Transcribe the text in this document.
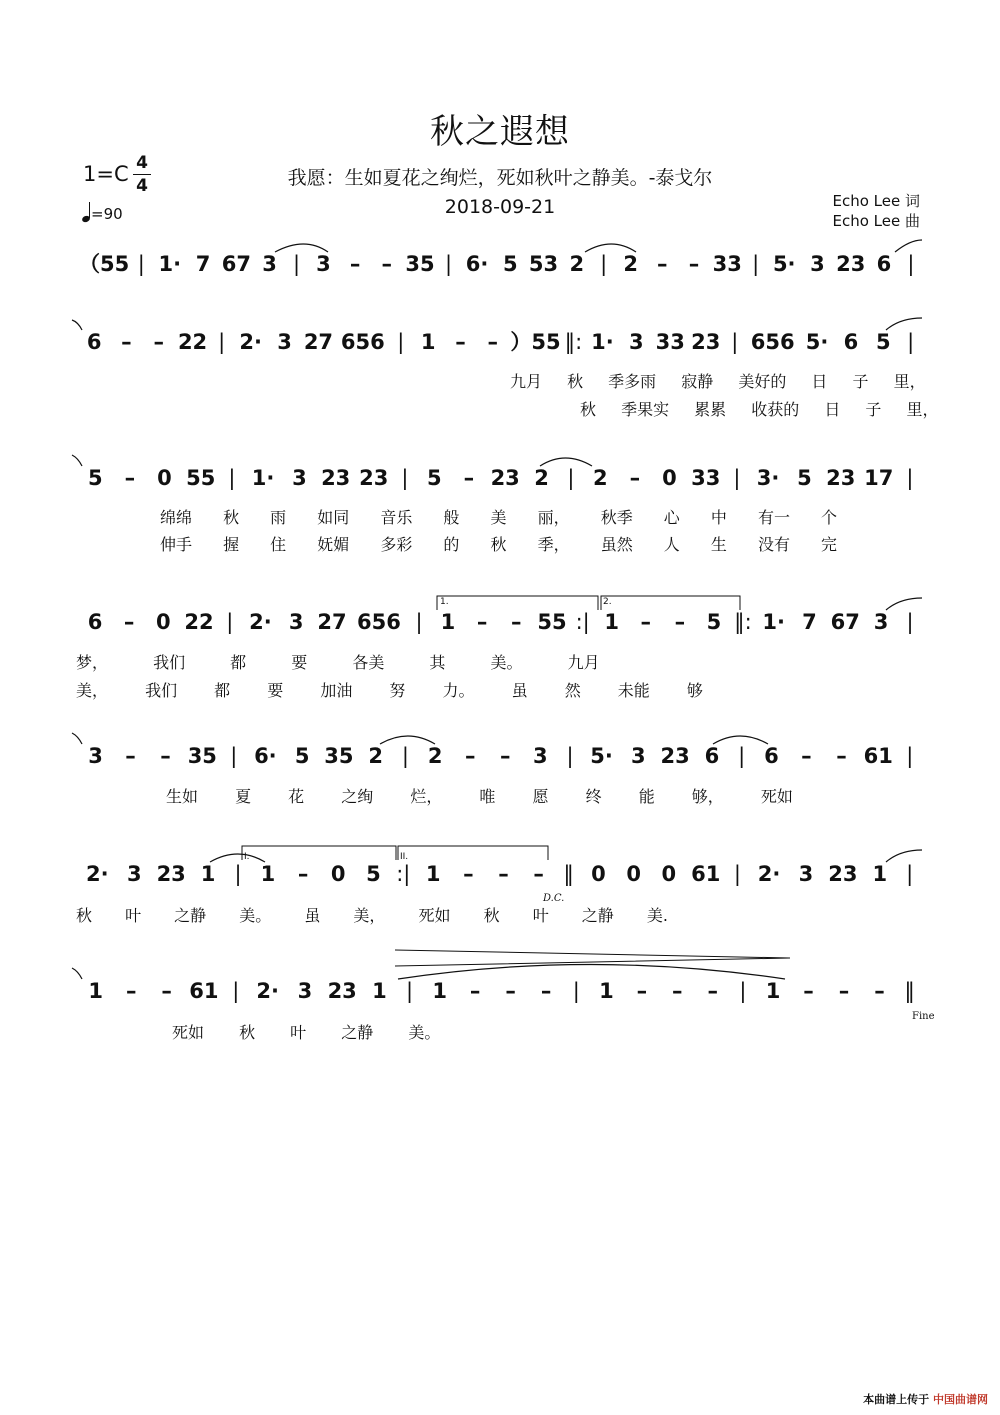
秋之遐想
1=C 4
4
=90
我愿：生如夏花之绚烂，死如秋叶之静美。-泰戈尔
2018-09-21	Echo Lee 词
Echo Lee 曲
（55 | 1· 7 67 3 | 3 – – 35 | 6· 5 53 2 | 2 – – 33 | 5· 3 23 6 |
6 – – 22 | 2· 3 27 656 | 1 – – ）55 ‖: 1· 3 33 23 | 656 5· 6 5 |
5 – 0 55 | 1· 3 23 23 | 5 – 23 2 | 2 – 0 33 | 3· 5 23 17 |
6 – 0 22 | 2· 3 27 656 | 1 – – 55 :| 1 – – 5 ‖: 1· 7 67 3 |
3 – – 35 | 6· 5 35 2 | 2 – – 3 | 5· 3 23 6 | 6 – – 61 |
2· 3 23 1 | 1 – 0 5 :| 1 – – – ‖ 0 0 0 61 | 2· 3 23 1 |
1 – – 61 | 2· 3 23 1 | 1 – – – | 1 – – – | 1 – – – ‖
九月 秋 季多雨 寂静 美好的 日 子 里，
秋 季果实 累累 收获的 日 子 里，
绵绵 秋 雨 如同 音乐 般 美 丽， 秋季 心 中 有一 个
伸手 握 住 妩媚 多彩 的 秋 季， 虽然 人 生 没有 完
梦， 我们 都 要 各美 其 美。 九月
美， 我们 都 要 加油 努 力。 虽 然 未能 够
生如 夏 花 之绚 烂， 唯 愿 终 能 够， 死如
秋 叶 之静 美。 虽 美， 死如 秋 叶 之静 美.
死如 秋 叶 之静 美。
1.	2.
I.	II.
D.C.
Fine
本曲谱上传于 中国曲谱网
